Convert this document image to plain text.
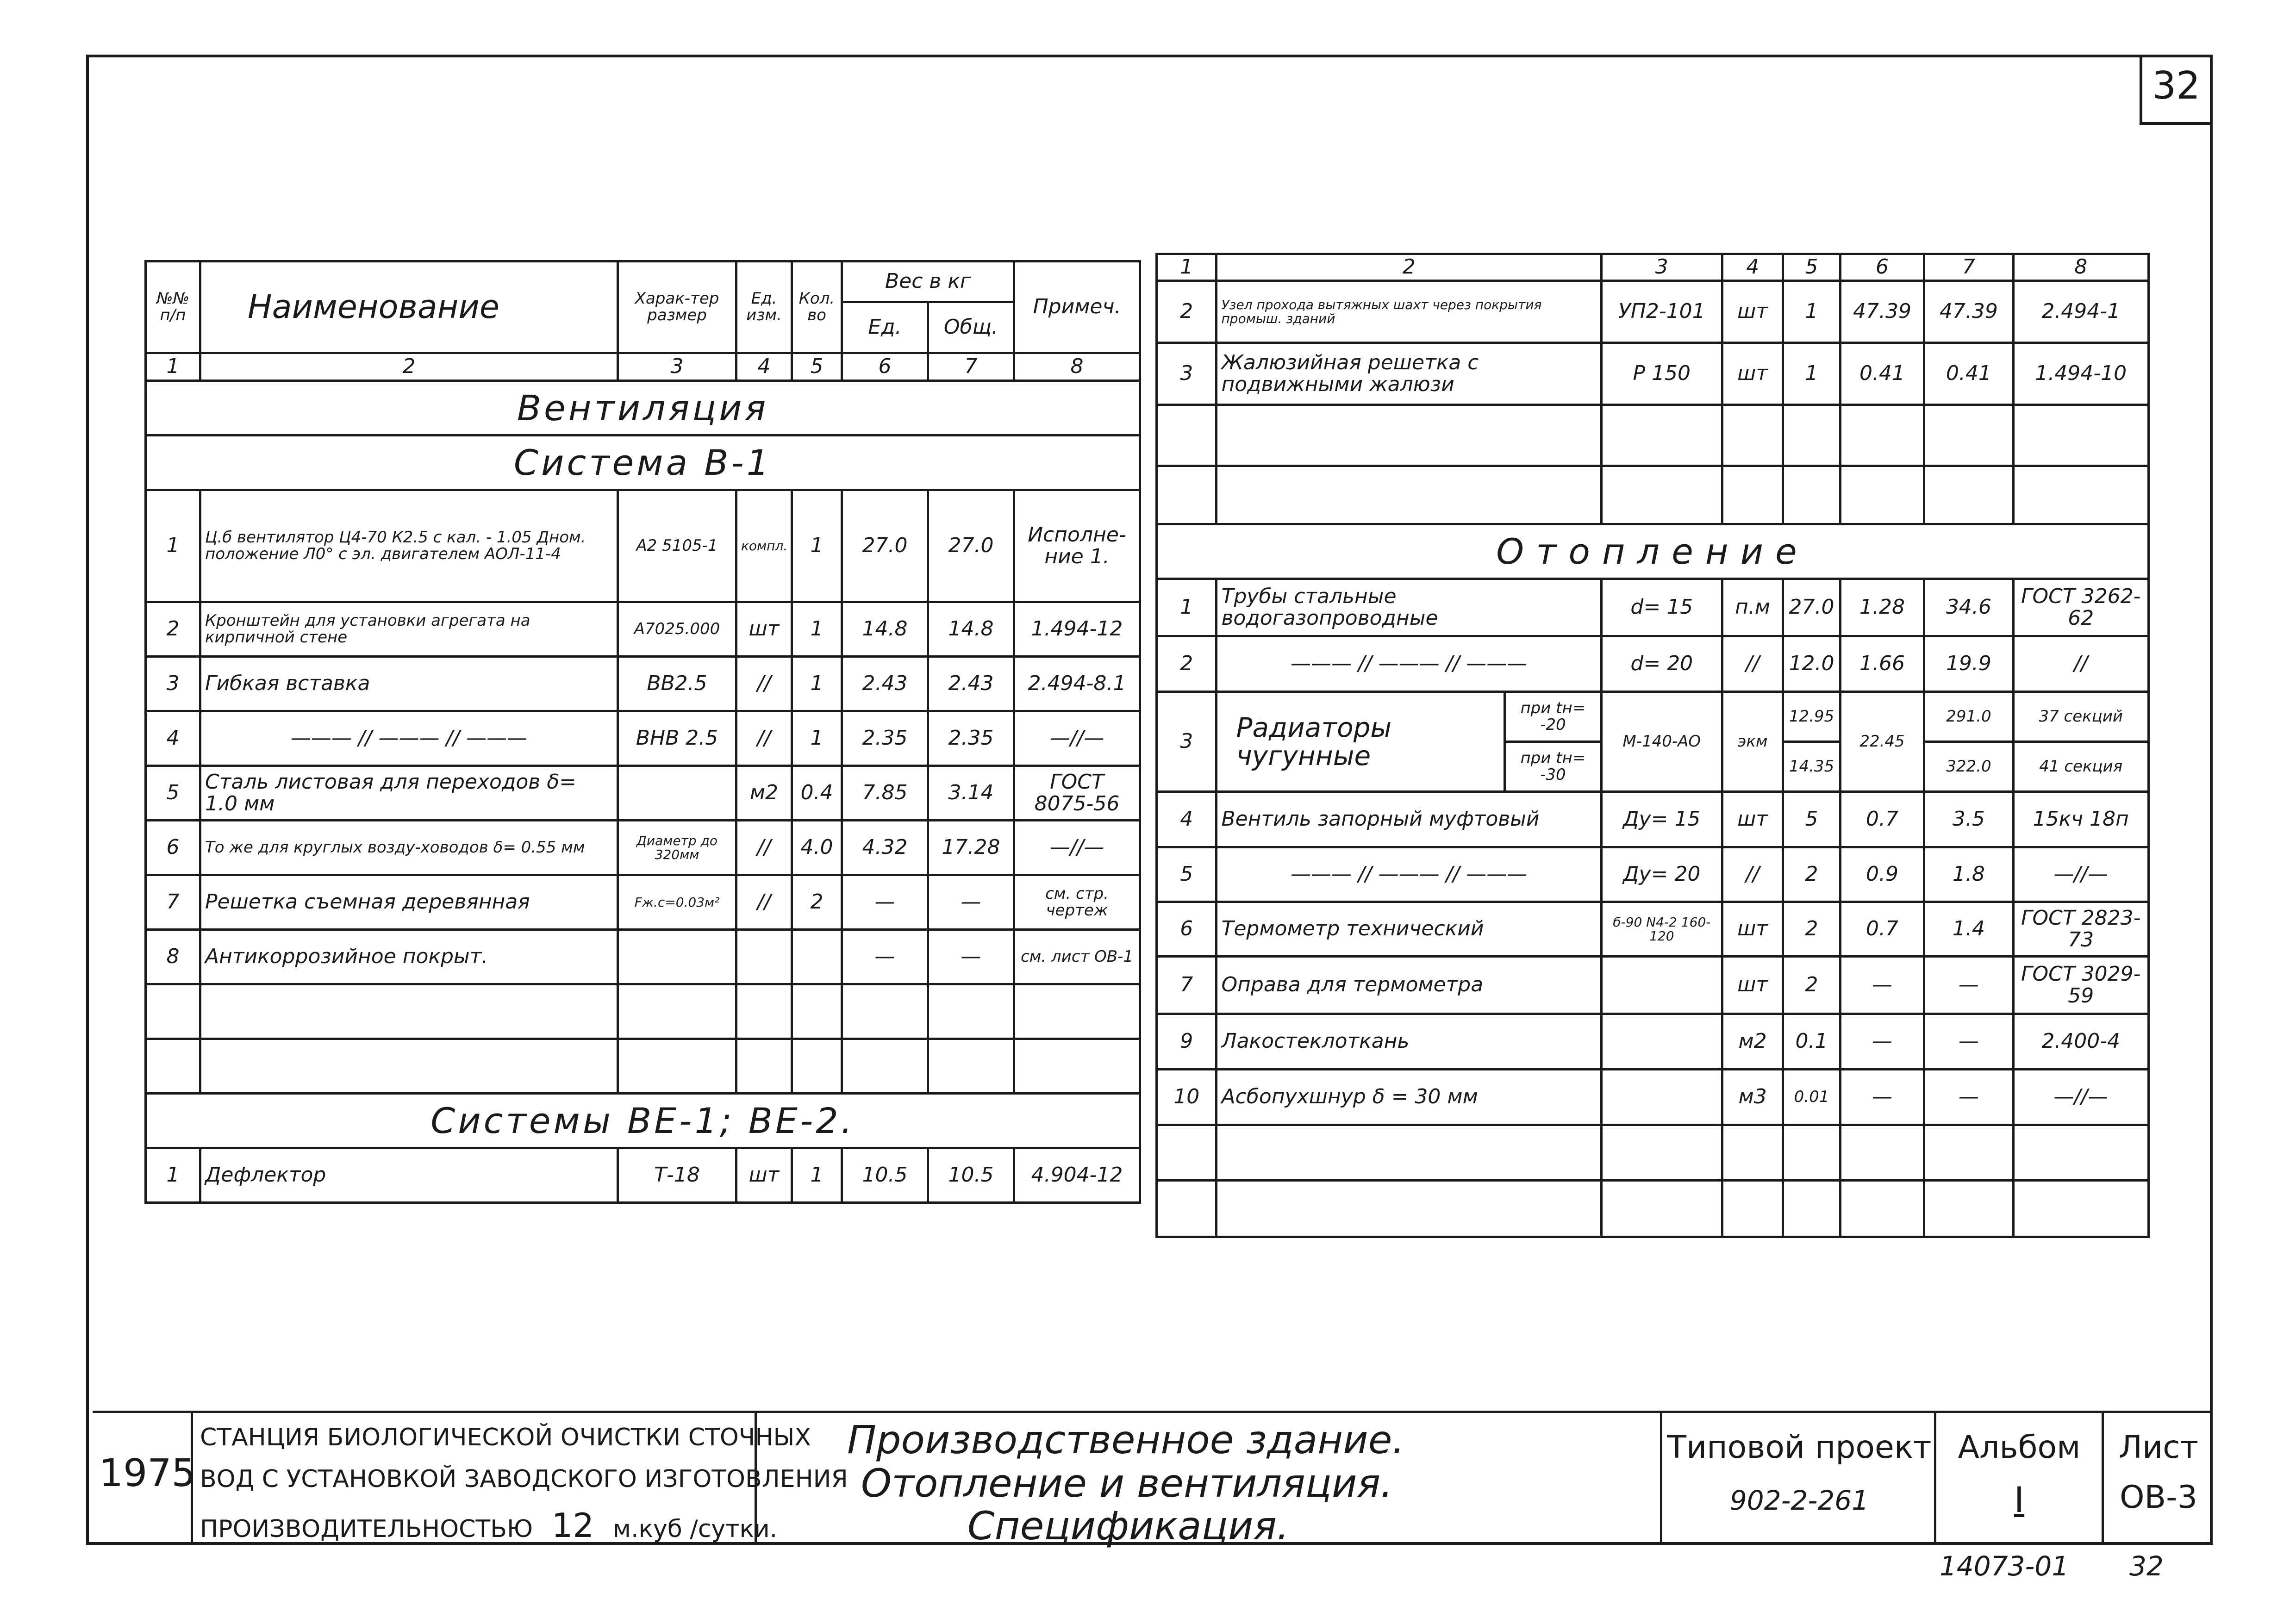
32
№№ п/п	Наименование	Харак-тер размер	Ед. изм.	Кол. во	Вес в кг		Примеч.
					Ед.	Общ.	
1	2	3	4	5	6	7	8
Вентиляция							
Система В-1							
1	Ц.б вентилятор Ц4-70 К2.5 с кал. - 1.05 Дном. положение Л0° с эл. двигателем АОЛ-11-4	А2 5105-1	компл.	1	27.0	27.0	Исполне-ние 1.
2	Кронштейн для установки агрегата на кирпичной стене	А7025.000	шт	1	14.8	14.8	1.494-12
3	Гибкая вставка	ВВ2.5	//	1	2.43	2.43	2.494-8.1
4	——— // ——— // ———	ВНВ 2.5	//	1	2.35	2.35	—//—
5	Сталь листовая для переходов δ= 1.0 мм		м2	0.4	7.85	3.14	ГОСТ 8075-56
6	То же для круглых возду-ховодов δ= 0.55 мм	Диаметр до 320мм	//	4.0	4.32	17.28	—//—
7	Решетка съемная деревянная	Fж.с=0.03м²	//	2	—	—	см. стр. чертеж
8	Антикоррозийное покрыт.				—	—	см. лист ОВ-1

Системы ВЕ-1; ВЕ-2.							
1	Дефлектор	Т-18	шт	1	10.5	10.5	4.904-12
1	2		3	4	5	6	7	8
2	Узел прохода вытяжных шахт через покрытия промыш. зданий		УП2-101	шт	1	47.39	47.39	2.494-1
3	Жалюзийная решетка с подвижными жалюзи		Р 150	шт	1	0.41	0.41	1.494-10

Отопление								
1	Трубы стальные водогазопроводные		d= 15	п.м	27.0	1.28	34.6	ГОСТ 3262-62
2	——— // ——— // ———		d= 20	//	12.0	1.66	19.9	//
3	Радиаторы чугунные	при tн= -20	М-140-АО	экм	12.95	22.45	291.0	37 секций
		при tн= -30			14.35		322.0	41 секция
4	Вентиль запорный муфтовый		Ду= 15	шт	5	0.7	3.5	15кч 18п
5	——— // ——— // ———		Ду= 20	//	2	0.9	1.8	—//—
6	Термометр технический		б-90 N4-2 160-120	шт	2	0.7	1.4	ГОСТ 2823-73
7	Оправа для термометра			шт	2	—	—	ГОСТ 3029-59
9	Лакостеклоткань			м2	0.1	—	—	2.400-4
10	Асбопухшнур δ = 30 мм			м3	0.01	—	—	—//—

1975
СТАНЦИЯ БИОЛОГИЧЕСКОЙ ОЧИСТКИ СТОЧНЫХ
ВОД С УСТАНОВКОЙ ЗАВОДСКОГО ИЗГОТОВЛЕНИЯ
ПРОИЗВОДИТЕЛЬНОСТЬЮ 12 м.куб /сутки.
Производственное здание.
Отопление и вентиляция.
Спецификация.
Типовой проект
902-2-261
Альбом
I
Лист
ОВ-3
14073-01	32
